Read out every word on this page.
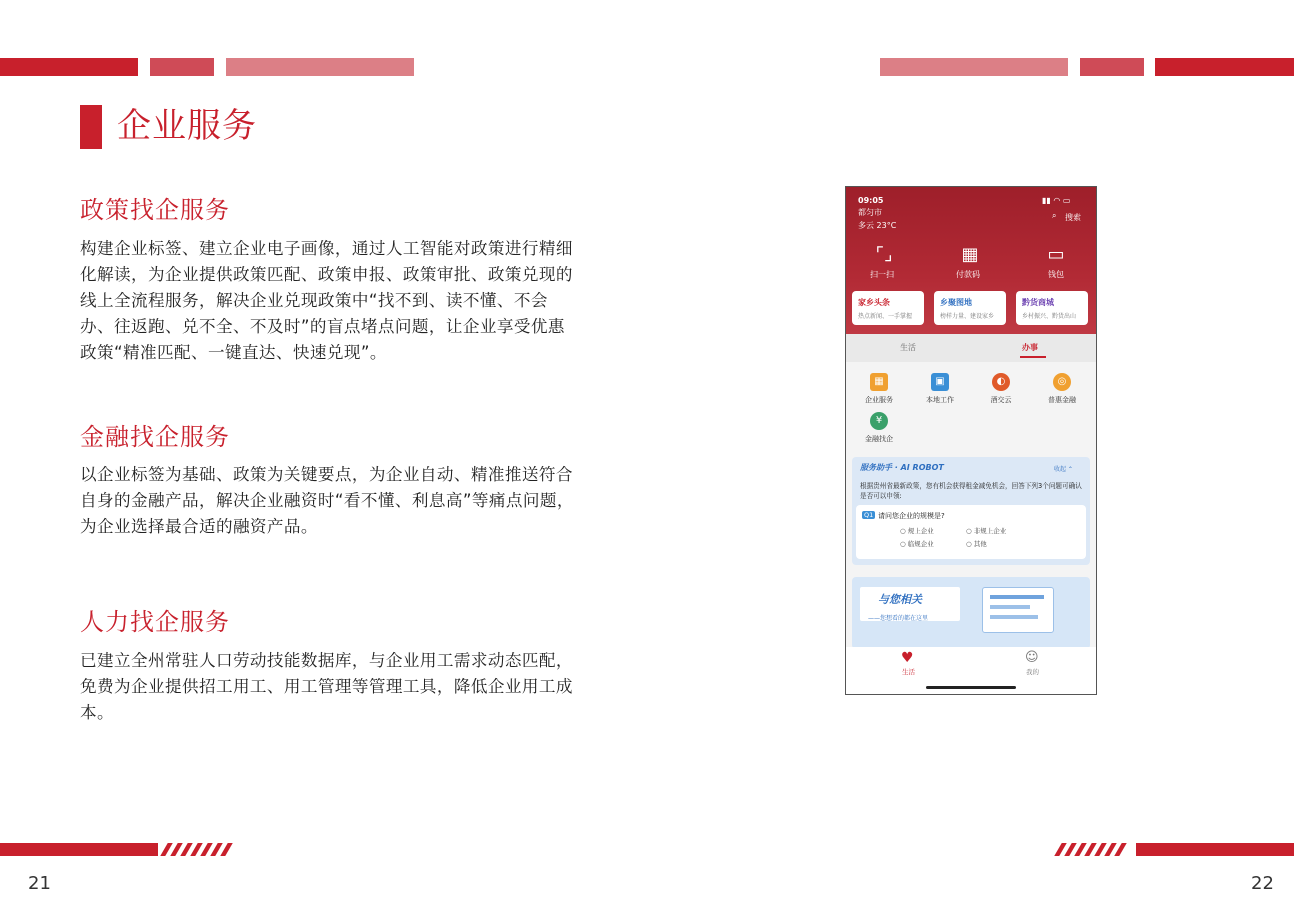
企业服务
政策找企服务
构建企业标签、建立企业电子画像，通过人工智能对政策进行精细化解读，为企业提供政策匹配、政策申报、政策审批、政策兑现的线上全流程服务，解决企业兑现政策中“找不到、读不懂、不会办、往返跑、兑不全、不及时”的盲点堵点问题，让企业享受优惠政策“精准匹配、一键直达、快速兑现”。
金融找企服务
以企业标签为基础、政策为关键要点，为企业自动、精准推送符合自身的金融产品，解决企业融资时“看不懂、利息高”等痛点问题，为企业选择最合适的融资产品。
人力找企服务
已建立全州常驻人口劳动技能数据库，与企业用工需求动态匹配，免费为企业提供招工用工、用工管理等管理工具，降低企业用工成本。
09:05	▮▮ ◠ ▭
都匀市
多云 23°C
⌕ 搜索
⌜⌟
扫一扫
▦
付款码
▭
钱包
家乡头条
热点新闻、一手掌握
乡聚图地
榜样力量、建设家乡
黔货商城
乡村振兴、黔货出山
生活	办事
▦
企业服务
▣
本地工作
◐
酒交云
◎
普惠金融
¥
金融找企
服务助手 · AI ROBOT	收起 ⌃
根据贵州省最新政策，您有机会获得租金减免机会，回答下列3个问题可确认是否可以申领:
Q1 请问您企业的规模是?
○ 规上企业	○ 非规上企业
○ 临规企业	○ 其他
与您相关
——您想看的都在这里
♥
生活
☺
我的
21	22
